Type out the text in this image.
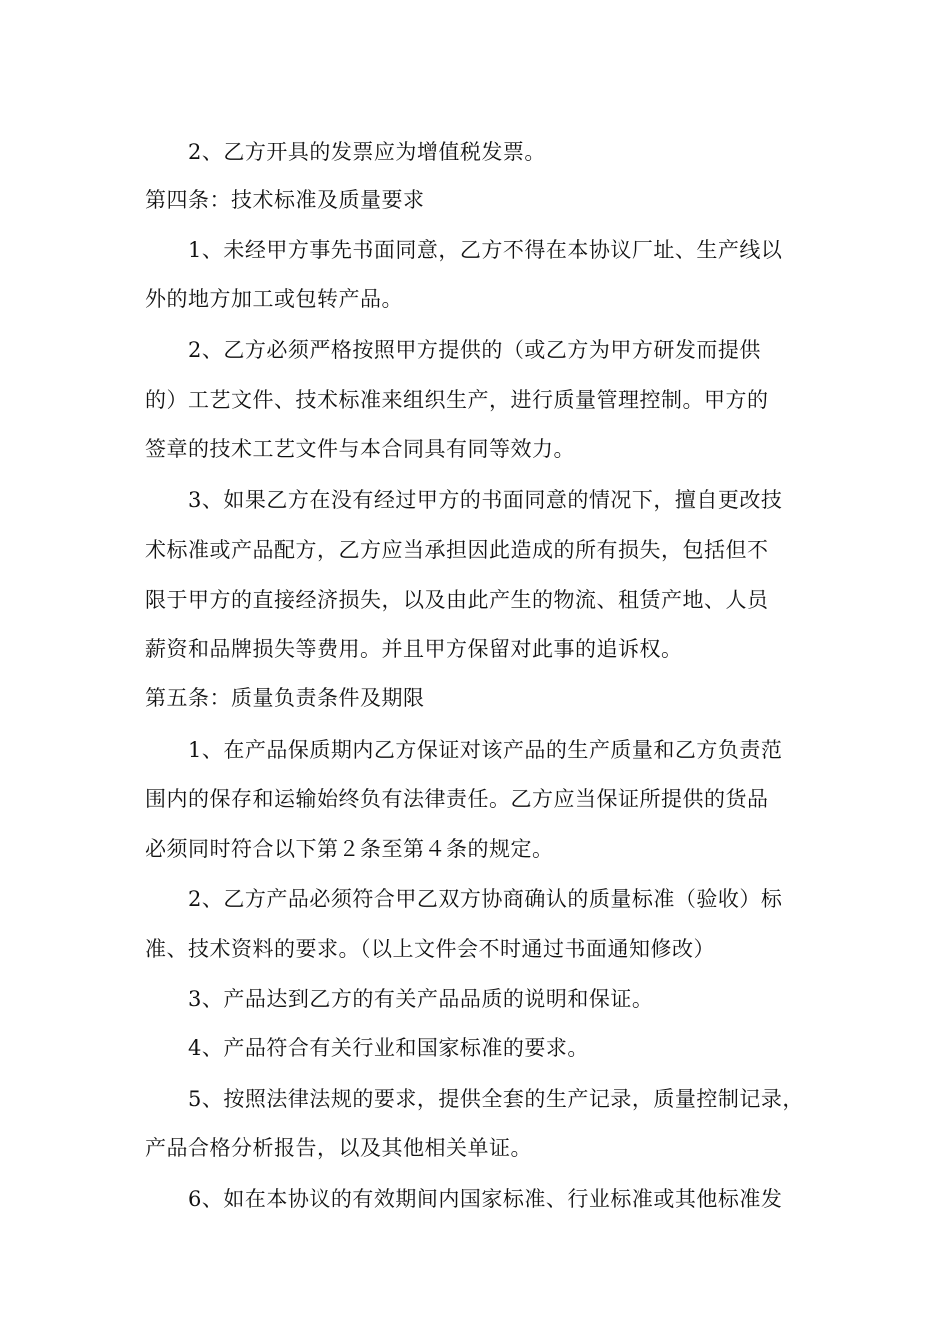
2、乙方开具的发票应为增值税发票。
第四条：技术标准及质量要求
1、未经甲方事先书面同意，乙方不得在本协议厂址、生产线以
外的地方加工或包转产品。
2、乙方必须严格按照甲方提供的（或乙方为甲方研发而提供
的）工艺文件、技术标准来组织生产，进行质量管理控制。甲方的
签章的技术工艺文件与本合同具有同等效力。
3、如果乙方在没有经过甲方的书面同意的情况下，擅自更改技
术标准或产品配方，乙方应当承担因此造成的所有损失，包括但不
限于甲方的直接经济损失，以及由此产生的物流、租赁产地、人员
薪资和品牌损失等费用。并且甲方保留对此事的追诉权。
第五条：质量负责条件及期限
1、在产品保质期内乙方保证对该产品的生产质量和乙方负责范
围内的保存和运输始终负有法律责任。乙方应当保证所提供的货品
必须同时符合以下第２条至第４条的规定。
2、乙方产品必须符合甲乙双方协商确认的质量标准（验收）标
准、技术资料的要求。（以上文件会不时通过书面通知修改）
3、产品达到乙方的有关产品品质的说明和保证。
4、产品符合有关行业和国家标准的要求。
5、按照法律法规的要求，提供全套的生产记录，质量控制记录，
产品合格分析报告，以及其他相关单证。
6、如在本协议的有效期间内国家标准、行业标准或其他标准发
